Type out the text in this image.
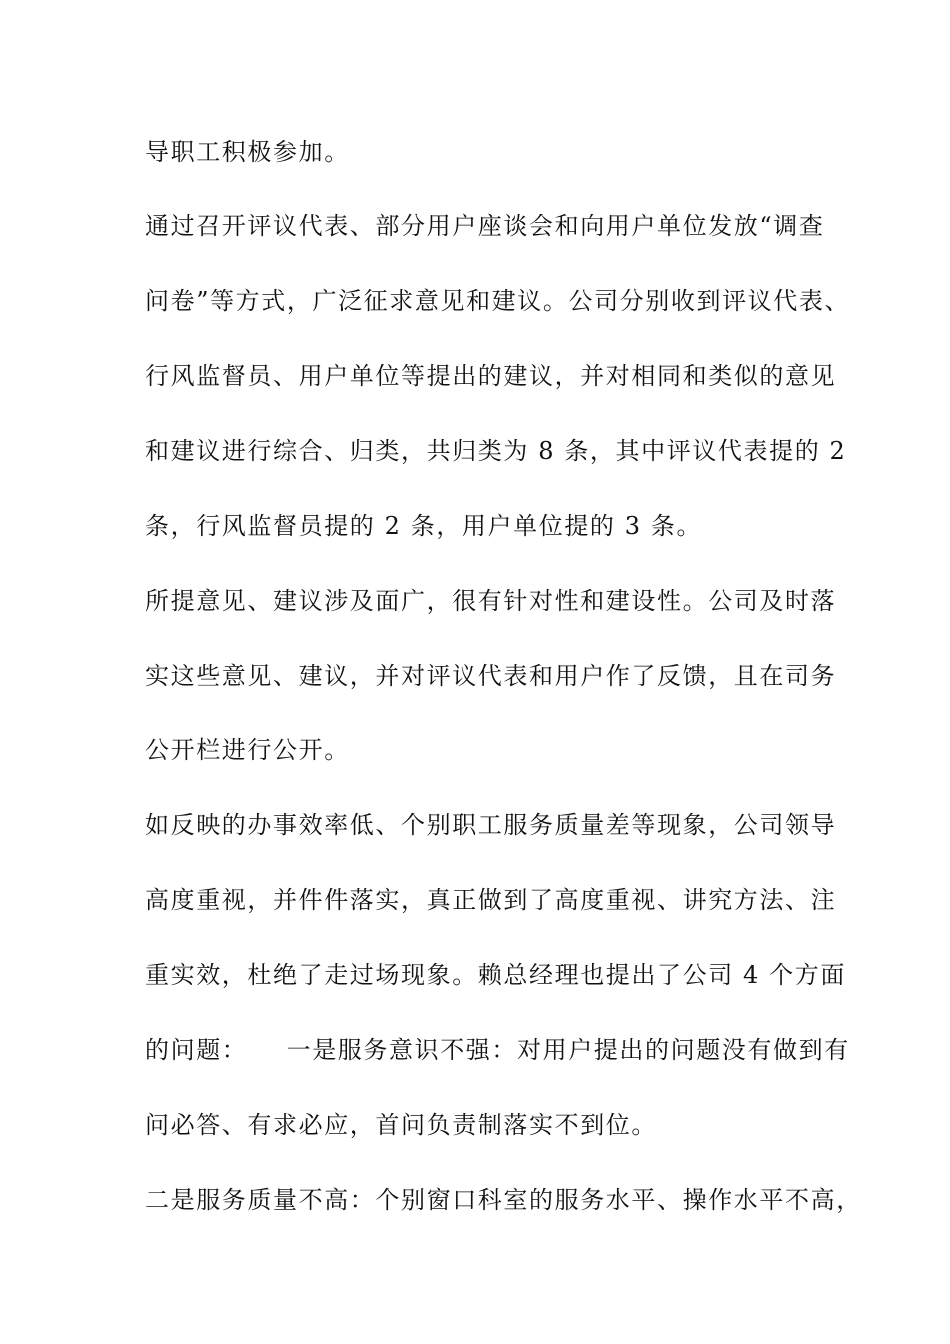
导职工积极参加。
通过召开评议代表、部分用户座谈会和向用户单位发放“调查
问卷”等方式，广泛征求意见和建议。公司分别收到评议代表、
行风监督员、用户单位等提出的建议，并对相同和类似的意见
和建议进行综合、归类，共归类为 8 条，其中评议代表提的 2
条，行风监督员提的 2 条，用户单位提的 3 条。
所提意见、建议涉及面广，很有针对性和建设性。公司及时落
实这些意见、建议，并对评议代表和用户作了反馈，且在司务
公开栏进行公开。
如反映的办事效率低、个别职工服务质量差等现象，公司领导
高度重视，并件件落实，真正做到了高度重视、讲究方法、注
重实效，杜绝了走过场现象。赖总经理也提出了公司 4 个方面
的问题：　　一是服务意识不强：对用户提出的问题没有做到有
问必答、有求必应，首问负责制落实不到位。
二是服务质量不高：个别窗口科室的服务水平、操作水平不高，
